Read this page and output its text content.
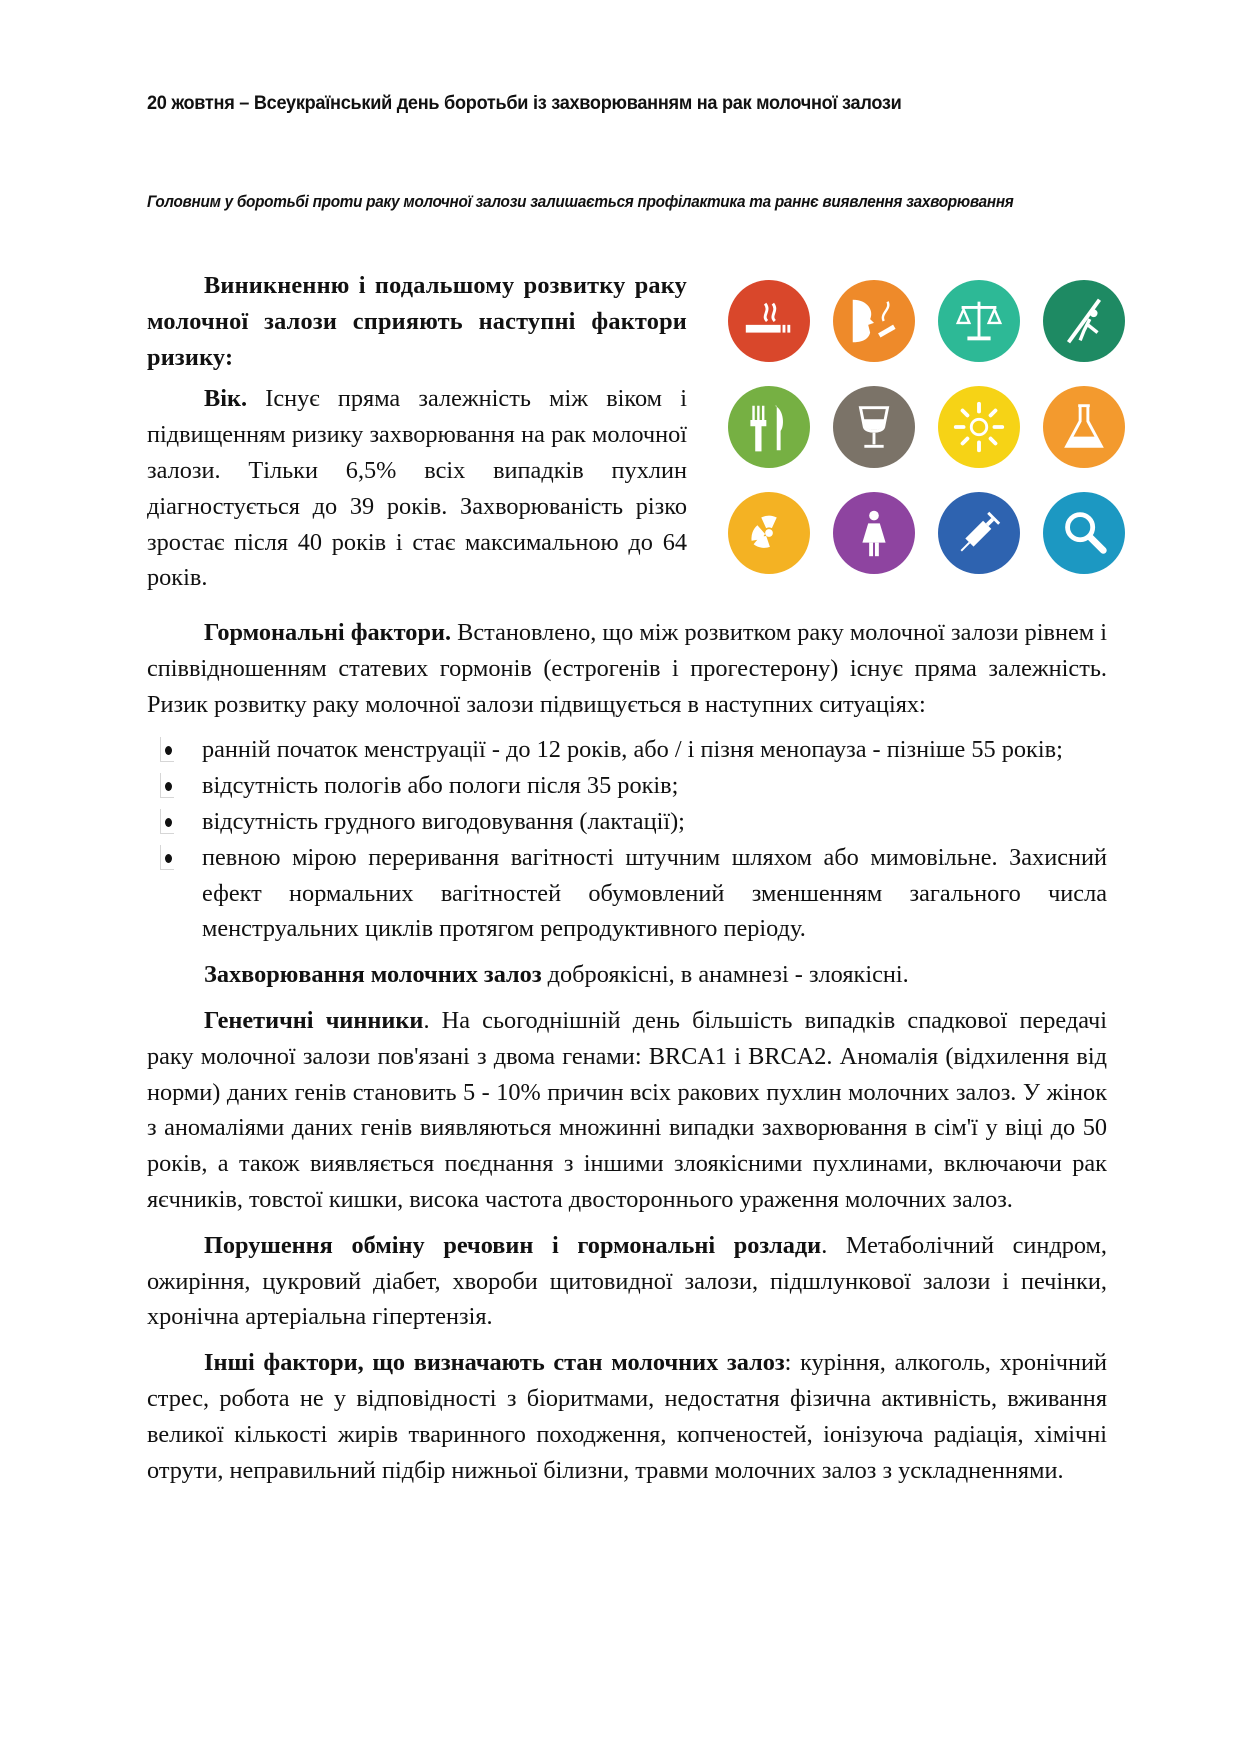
20 жовтня – Всеукраїнський день боротьби із захворюванням на рак молочної залози
Головним у боротьбі проти раку молочної залози залишається профілактика та раннє виявлення захворювання

Виникненню і подальшому розвитку раку молочної залози сприяють наступні фактори ризику:

Вік. Існує пряма залежність між віком і підвищенням ризику захворювання на рак молочної залози. Тільки 6,5% всіх випадків пухлин діагностується до 39 років. Захворюваність різко зростає після 40 років і стає максимальною до 64 років.

Гормональні фактори. Встановлено, що між розвитком раку молочної залози рівнем і співвідношенням статевих гормонів (естрогенів і прогестерону) існує пряма залежність. Ризик розвитку раку молочної залози підвищується в наступних ситуаціях:

ранній початок менструації - до 12 років, або / і пізня менопауза - пізніше 55 років;
відсутність пологів або пологи після 35 років;
відсутність грудного вигодовування (лактації);
певною мірою переривання вагітності штучним шляхом або мимовільне. Захисний ефект нормальних вагітностей обумовлений зменшенням загального числа менструальних циклів протягом репродуктивного періоду.

Захворювання молочних залоз доброякісні, в анамнезі - злоякісні.

Генетичні чинники. На сьогоднішній день більшість випадків спадкової передачі раку молочної залози пов'язані з двома генами: BRCA1 і BRCA2. Аномалія (відхилення від норми) даних генів становить 5 - 10% причин всіх ракових пухлин молочних залоз. У жінок з аномаліями даних генів виявляються множинні випадки захворювання в сім'ї у віці до 50 років, а також виявляється поєднання з іншими злоякісними пухлинами, включаючи рак яєчників, товстої кишки, висока частота двостороннього ураження молочних залоз.

Порушення обміну речовин і гормональні розлади. Метаболічний синдром, ожиріння, цукровий діабет, хвороби щитовидної залози, підшлункової залози і печінки, хронічна артеріальна гіпертензія.

Інші фактори, що визначають стан молочних залоз: куріння, алкоголь, хронічний стрес, робота не у відповідності з біоритмами, недостатня фізична активність, вживання великої кількості жирів тваринного походження, копченостей, іонізуюча радіація, хімічні отрути, неправильний підбір нижньої білизни, травми молочних залоз з ускладненнями.
